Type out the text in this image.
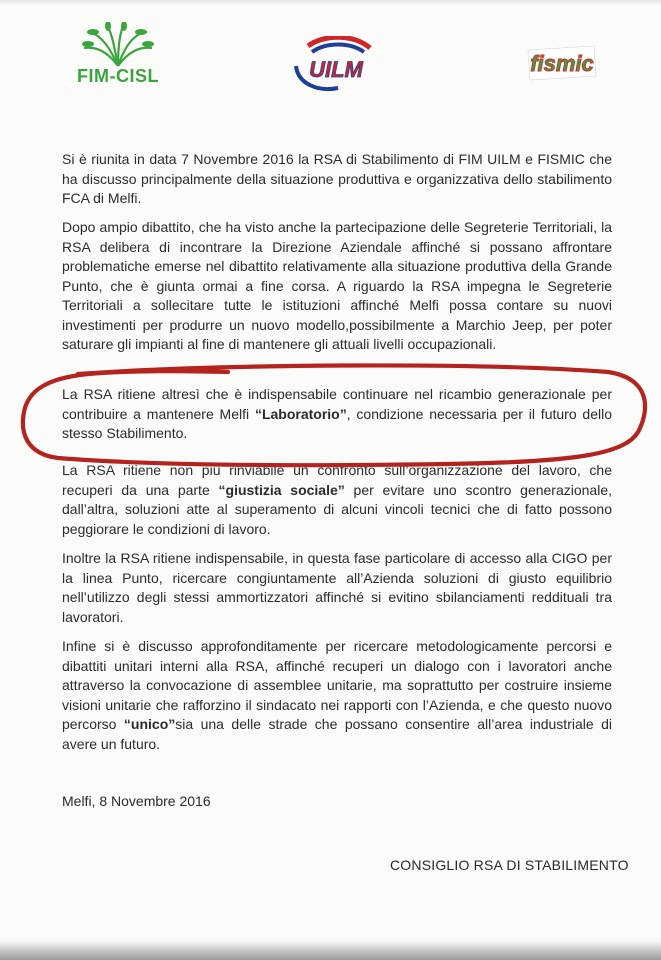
FIM-CISL	UILM	fismic

Si è riunita in data 7 Novembre 2016 la RSA di Stabilimento di FIM UILM e FISMIC che ha discusso principalmente della situazione produttiva e organizzativa dello stabilimento FCA di Melfi.

Dopo ampio dibattito, che ha visto anche la partecipazione delle Segreterie Territoriali, la RSA delibera di incontrare la Direzione Aziendale affinché si possano affrontare problematiche emerse nel dibattito relativamente alla situazione produttiva della Grande Punto, che è giunta ormai a fine corsa. A riguardo la RSA impegna le Segreterie Territoriali a sollecitare tutte le istituzioni affinché Melfi possa contare su nuovi investimenti per produrre un nuovo modello,possibilmente a Marchio Jeep, per poter saturare gli impianti al fine di mantenere gli attuali livelli occupazionali.

La RSA ritiene altresì che è indispensabile continuare nel ricambio generazionale per contribuire a mantenere Melfi “Laboratorio”, condizione necessaria per il futuro dello stesso Stabilimento.

La RSA ritiene non più rinviabile un confronto sull’organizzazione del lavoro, che recuperi da una parte “giustizia sociale” per evitare uno scontro generazionale, dall’altra, soluzioni atte al superamento di alcuni vincoli tecnici che di fatto possono peggiorare le condizioni di lavoro.

Inoltre la RSA ritiene indispensabile, in questa fase particolare di accesso alla CIGO per la linea Punto, ricercare congiuntamente all’Azienda soluzioni di giusto equilibrio nell’utilizzo degli stessi ammortizzatori affinché si evitino sbilanciamenti reddituali tra lavoratori.

Infine si è discusso approfonditamente per ricercare metodologicamente percorsi e dibattiti unitari interni alla RSA, affinché recuperi un dialogo con i lavoratori anche attraverso la convocazione di assemblee unitarie, ma soprattutto per costruire insieme visioni unitarie che rafforzino il sindacato nei rapporti con l’Azienda, e che questo nuovo percorso “unico”sia una delle strade che possano consentire all’area industriale di avere un futuro.

Melfi, 8 Novembre 2016
CONSIGLIO RSA DI STABILIMENTO
